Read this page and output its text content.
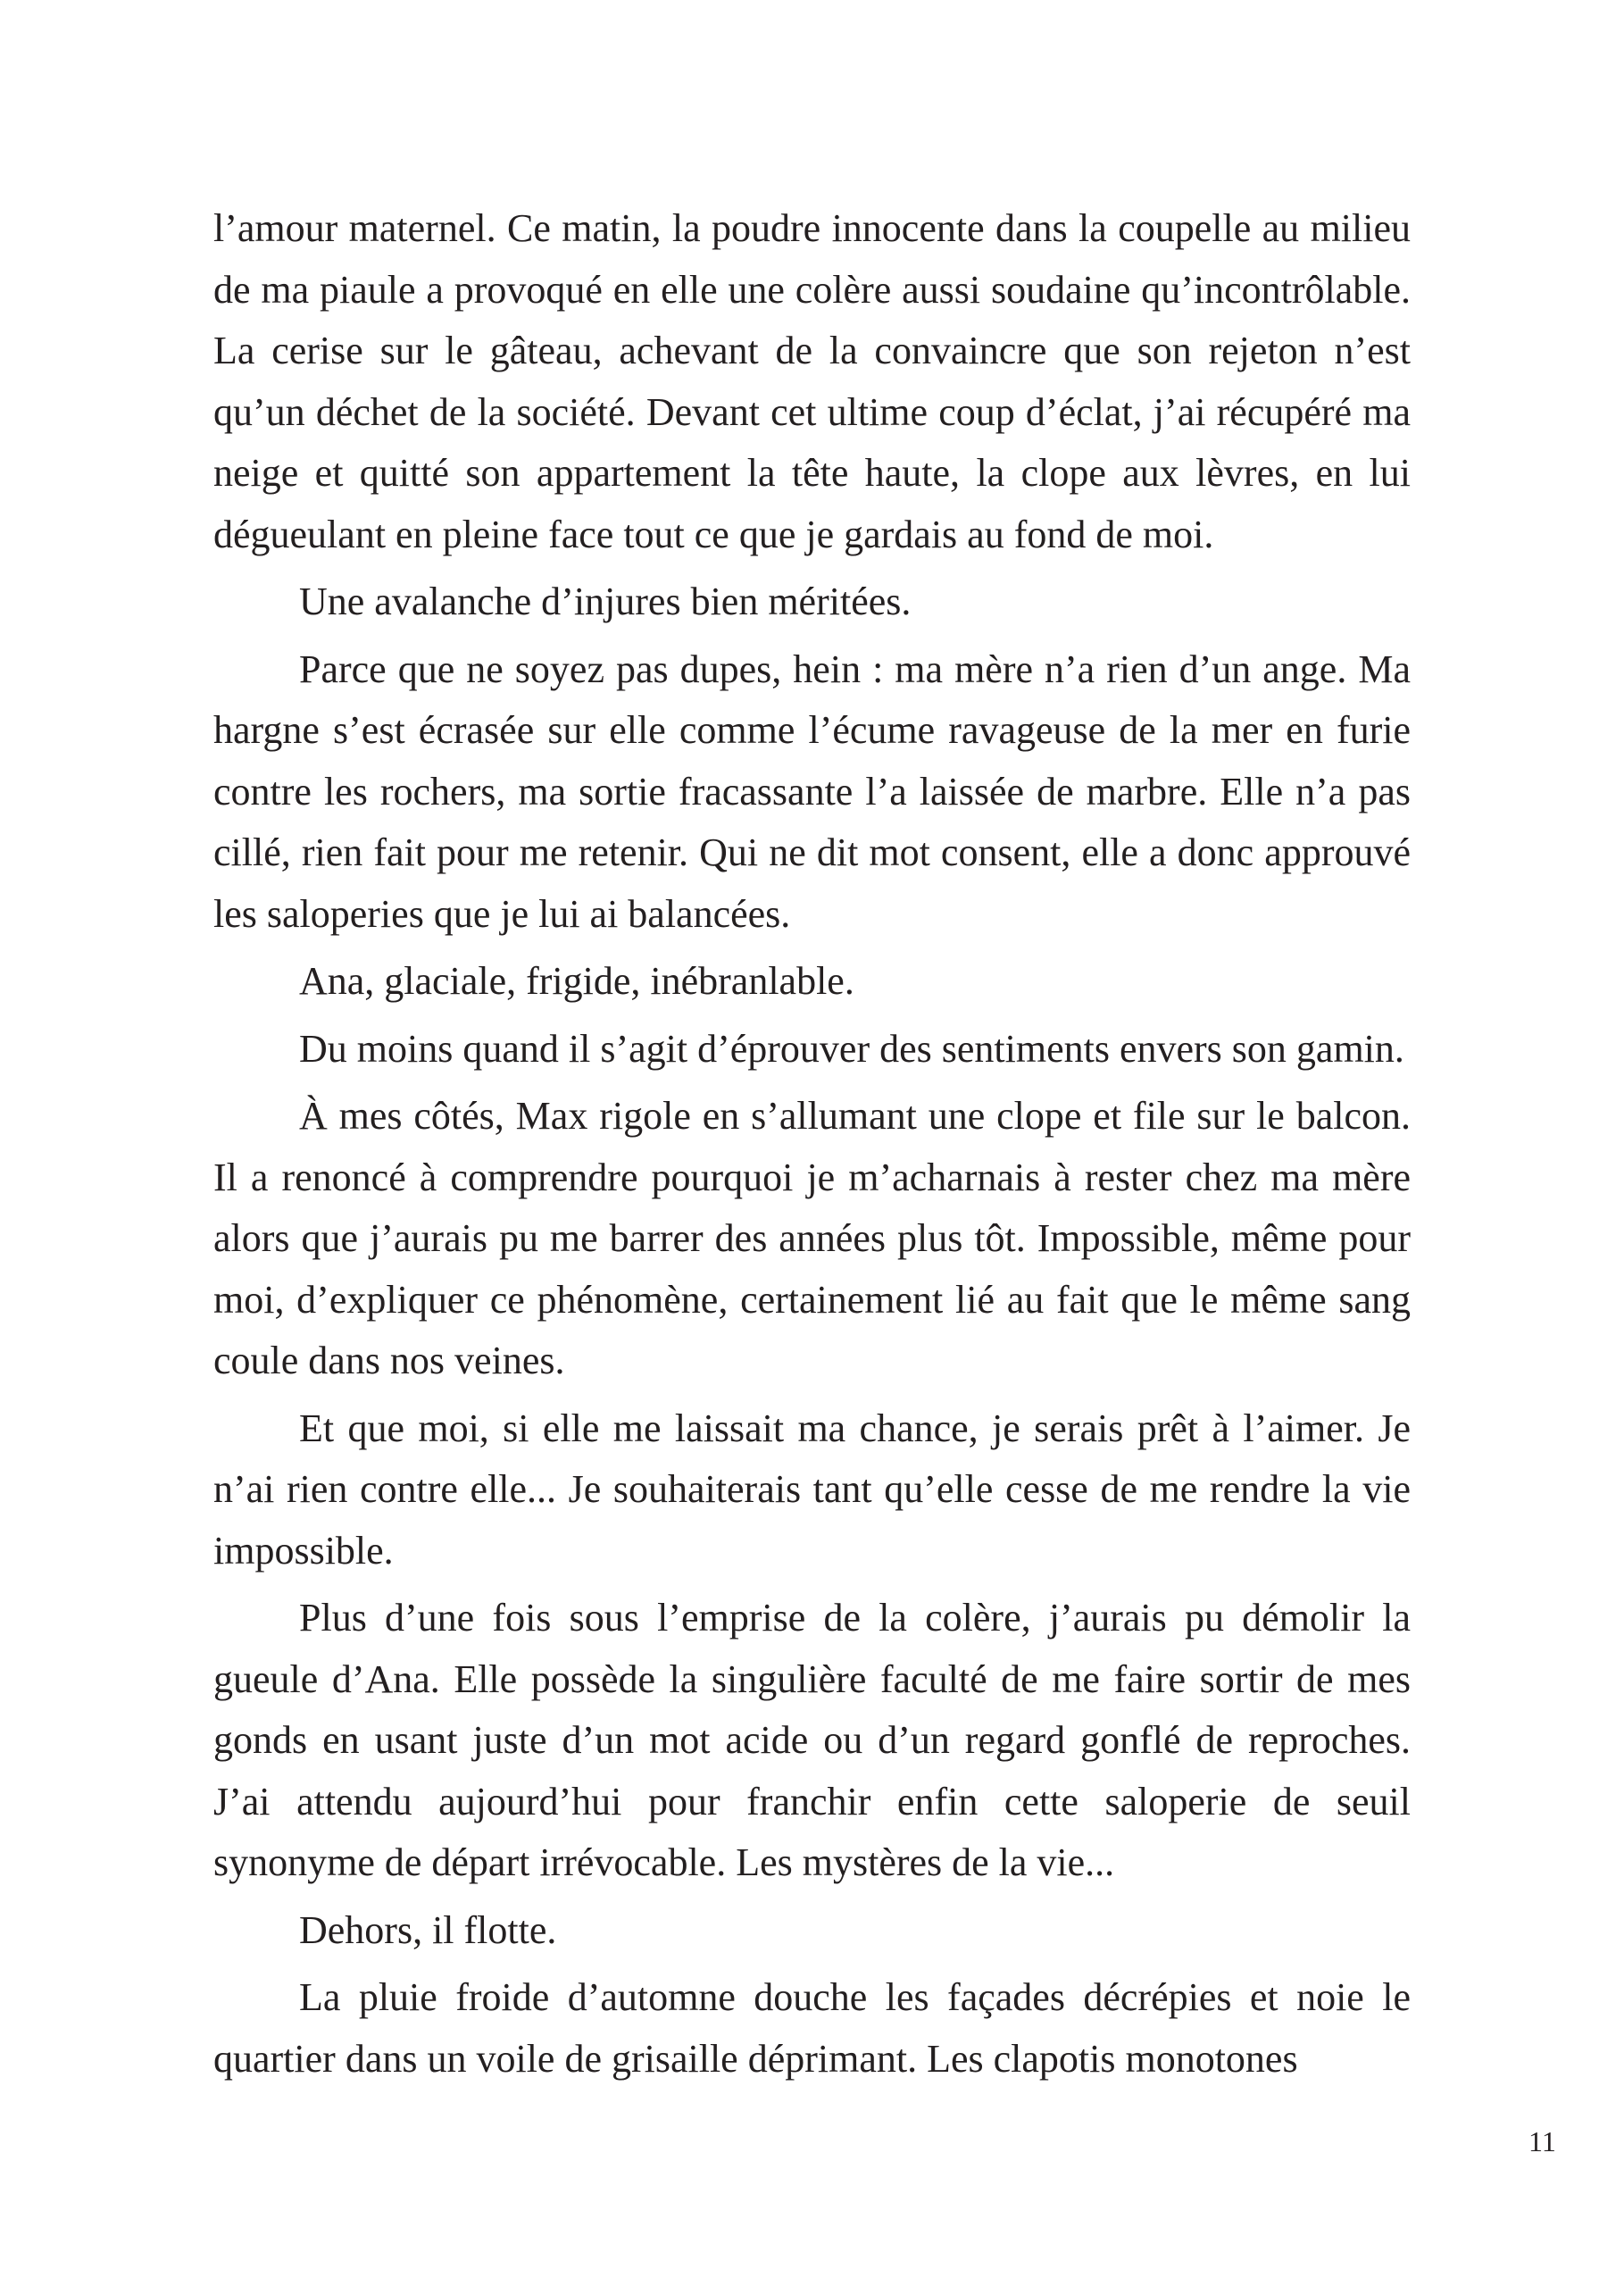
l’amour maternel. Ce matin, la poudre innocente dans la coupelle au milieu de ma piaule a provoqué en elle une colère aussi soudaine qu’incontrôlable. La cerise sur le gâteau, achevant de la convaincre que son rejeton n’est qu’un déchet de la société. Devant cet ultime coup d’éclat, j’ai récupéré ma neige et quitté son appartement la tête haute, la clope aux lèvres, en lui dégueulant en pleine face tout ce que je gardais au fond de moi.

Une avalanche d’injures bien méritées.

Parce que ne soyez pas dupes, hein : ma mère n’a rien d’un ange. Ma hargne s’est écrasée sur elle comme l’écume ravageuse de la mer en furie contre les rochers, ma sortie fracassante l’a laissée de marbre. Elle n’a pas cillé, rien fait pour me retenir. Qui ne dit mot consent, elle a donc approuvé les saloperies que je lui ai balancées.

Ana, glaciale, frigide, inébranlable.

Du moins quand il s’agit d’éprouver des sentiments envers son gamin.

À mes côtés, Max rigole en s’allumant une clope et file sur le balcon. Il a renoncé à comprendre pourquoi je m’acharnais à rester chez ma mère alors que j’aurais pu me barrer des années plus tôt. Impossible, même pour moi, d’expliquer ce phénomène, certainement lié au fait que le même sang coule dans nos veines.

Et que moi, si elle me laissait ma chance, je serais prêt à l’aimer. Je n’ai rien contre elle... Je souhaiterais tant qu’elle cesse de me rendre la vie impossible.

Plus d’une fois sous l’emprise de la colère, j’aurais pu démolir la gueule d’Ana. Elle possède la singulière faculté de me faire sortir de mes gonds en usant juste d’un mot acide ou d’un regard gonflé de reproches. J’ai attendu aujourd’hui pour franchir enfin cette saloperie de seuil synonyme de départ irrévocable. Les mystères de la vie...

Dehors, il flotte.

La pluie froide d’automne douche les façades décrépies et noie le quartier dans un voile de grisaille déprimant. Les clapotis monotones

11
